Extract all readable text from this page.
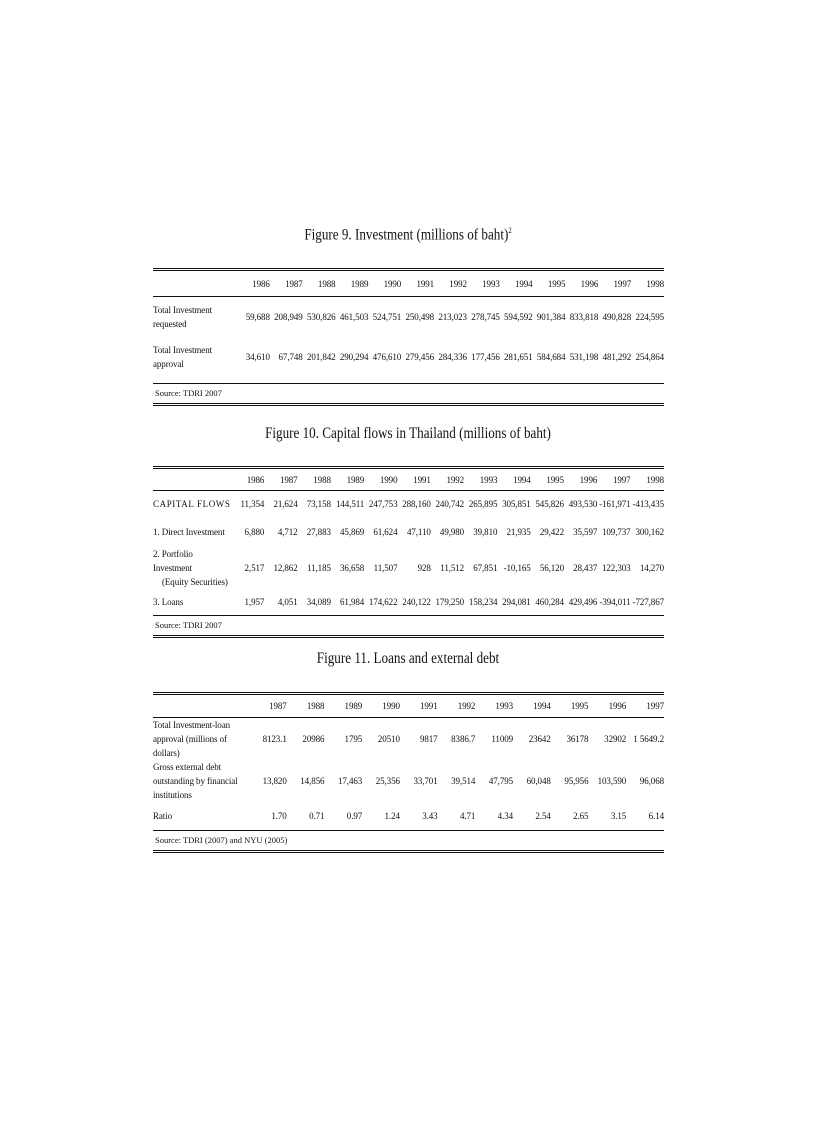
Figure 9. Investment (millions of baht)$^2$
	1986	1987	1988	1989	1990	1991	1992	1993	1994	1995	1996	1997	1998
Total Investment requested	59,688	208,949	530,826	461,503	524,751	250,498	213,023	278,745	594,592	901,384	833,818	490,828	224,595
Total Investment approval	34,610	67,748	201,842	290,294	476,610	279,456	284,336	177,456	281,651	584,684	531,198	481,292	254,864
Source: TDRI 2007
Figure 10. Capital flows in Thailand (millions of baht)
	1986	1987	1988	1989	1990	1991	1992	1993	1994	1995	1996	1997	1998
CAPITAL FLOWS	11,354	21,624	73,158	144,511	247,753	288,160	240,742	265,895	305,851	545,826	493,530	-161,971	-413,435
1. Direct Investment	6,880	4,712	27,883	45,869	61,624	47,110	49,980	39,810	21,935	29,422	35,597	109,737	300,162

2. Portfolio Investment
(Equity Securities)	2,517	12,862	11,185	36,658	11,507	928	11,512	67,851	-10,165	56,120	28,437	122,303	14,270
3. Loans	1,957	4,051	34,089	61,984	174,622	240,122	179,250	158,234	294,081	460,284	429,496	-394,011	-727,867
Source: TDRI 2007
Figure 11. Loans and external debt
	1987	1988	1989	1990	1991	1992	1993	1994	1995	1996	1997
Total Investment-loan approval (millions of dollars)	8123.1	20986	1795	20510	9817	8386.7	11009	23642	36178	32902	1 5649.2
Gross external debt outstanding by financial institutions	13,820	14,856	17,463	25,356	33,701	39,514	47,795	60,048	95,956	103,590	96,068
Ratio	1.70	0.71	0.97	1.24	3.43	4.71	4.34	2.54	2.65	3.15	6.14
Source: TDRI (2007) and NYU (2005)
